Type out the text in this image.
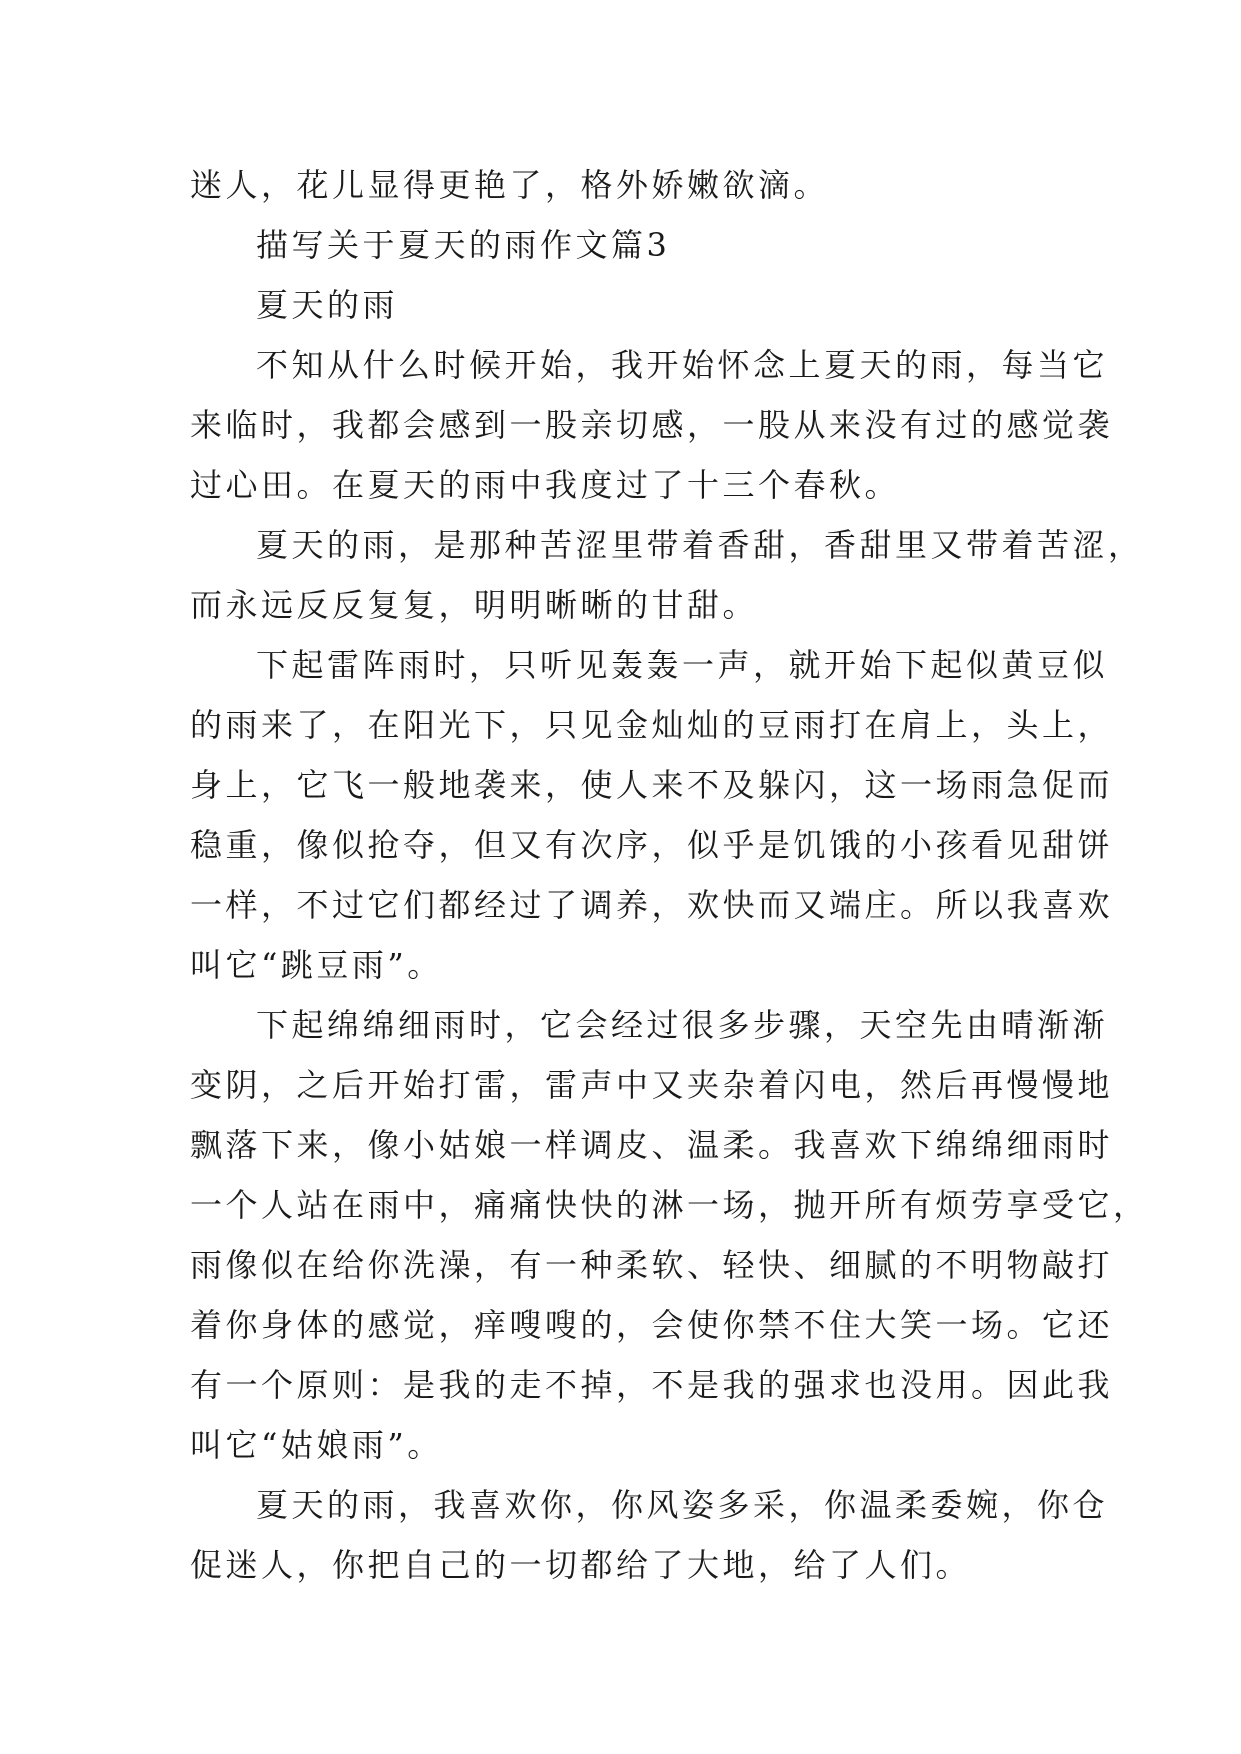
迷人，花儿显得更艳了，格外娇嫩欲滴。
描写关于夏天的雨作文篇3
夏天的雨
不知从什么时候开始，我开始怀念上夏天的雨，每当它
来临时，我都会感到一股亲切感，一股从来没有过的感觉袭
过心田。在夏天的雨中我度过了十三个春秋。
夏天的雨，是那种苦涩里带着香甜，香甜里又带着苦涩，
而永远反反复复，明明晰晰的甘甜。
下起雷阵雨时，只听见轰轰一声，就开始下起似黄豆似
的雨来了，在阳光下，只见金灿灿的豆雨打在肩上，头上，
身上，它飞一般地袭来，使人来不及躲闪，这一场雨急促而
稳重，像似抢夺，但又有次序，似乎是饥饿的小孩看见甜饼
一样，不过它们都经过了调养，欢快而又端庄。所以我喜欢
叫它“跳豆雨”。
下起绵绵细雨时，它会经过很多步骤，天空先由晴渐渐
变阴，之后开始打雷，雷声中又夹杂着闪电，然后再慢慢地
飘落下来，像小姑娘一样调皮、温柔。我喜欢下绵绵细雨时
一个人站在雨中，痛痛快快的淋一场，抛开所有烦劳享受它，
雨像似在给你洗澡，有一种柔软、轻快、细腻的不明物敲打
着你身体的感觉，痒嗖嗖的，会使你禁不住大笑一场。它还
有一个原则：是我的走不掉，不是我的强求也没用。因此我
叫它“姑娘雨”。
夏天的雨，我喜欢你，你风姿多采，你温柔委婉，你仓
促迷人，你把自己的一切都给了大地，给了人们。
